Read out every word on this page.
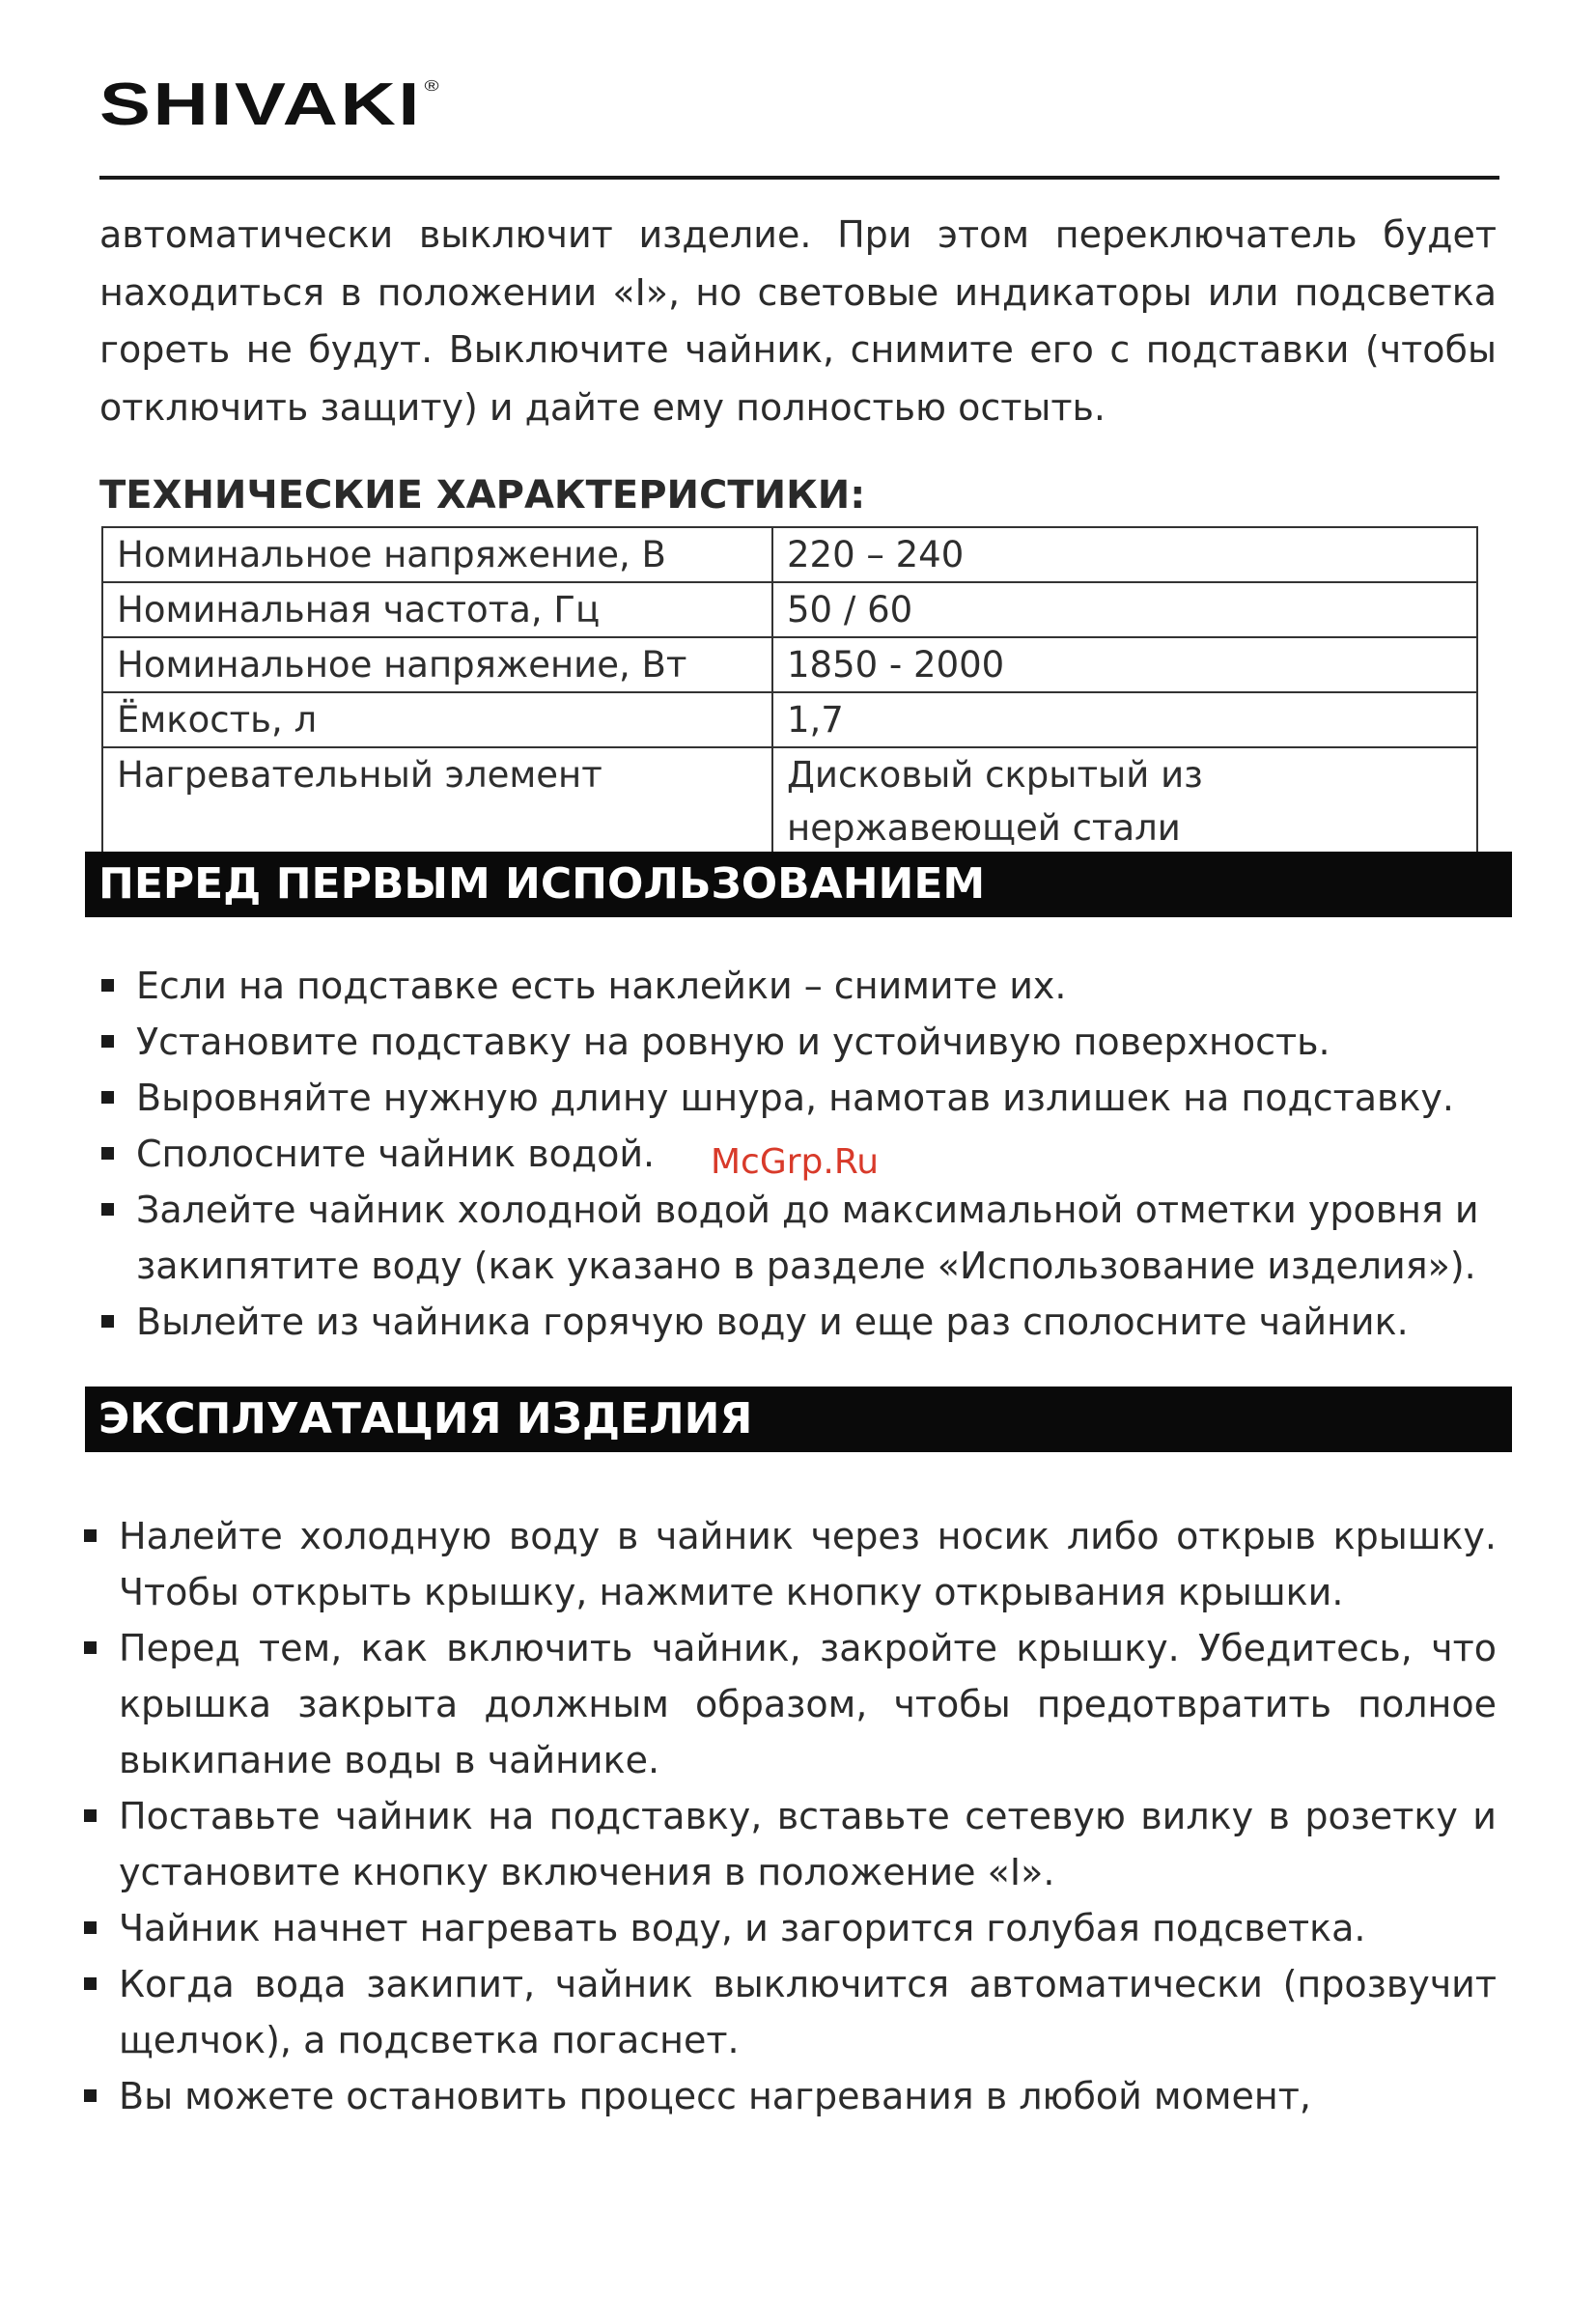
SHIVAKI ®

автоматически выключит изделие. При этом переключатель будет находиться в положении «I», но световые индикаторы или подсветка гореть не будут. Выключите чайник, снимите его с подставки (чтобы отключить защиту) и дайте ему полностью остыть.

ТЕХНИЧЕСКИЕ ХАРАКТЕРИСТИКИ:
Номинальное напряжение, В	220 – 240
Номинальная частота, Гц	50 / 60
Номинальное напряжение, Вт	1850 - 2000
Ёмкость, л	1,7
Нагревательный элемент	Дисковый скрытый из нержавеющей стали
ПЕРЕД ПЕРВЫМ ИСПОЛЬЗОВАНИЕМ
Если на подставке есть наклейки – снимите их.
Установите подставку на ровную и устойчивую поверхность.
Выровняйте нужную длину шнура, намотав излишек на подставку.
Сполосните чайник водой.
Залейте чайник холодной водой до максимальной отметки уровня и закипятите воду (как указано в разделе «Использование изделия»).
Вылейте из чайника горячую воду и еще раз сполосните чайник.
McGrp.Ru
ЭКСПЛУАТАЦИЯ ИЗДЕЛИЯ
Налейте холодную воду в чайник через носик либо открыв крышку. Чтобы открыть крышку, нажмите кнопку открывания крышки.
Перед тем, как включить чайник, закройте крышку. Убедитесь, что крышка закрыта должным образом, чтобы предотвратить полное выкипание воды в чайнике.
Поставьте чайник на подставку, вставьте сетевую вилку в розетку и установите кнопку включения в положение «I».
Чайник начнет нагревать воду, и загорится голубая подсветка.
Когда вода закипит, чайник выключится автоматически (прозвучит щелчок), а подсветка погаснет.
Вы можете остановить процесс нагревания в любой момент,
